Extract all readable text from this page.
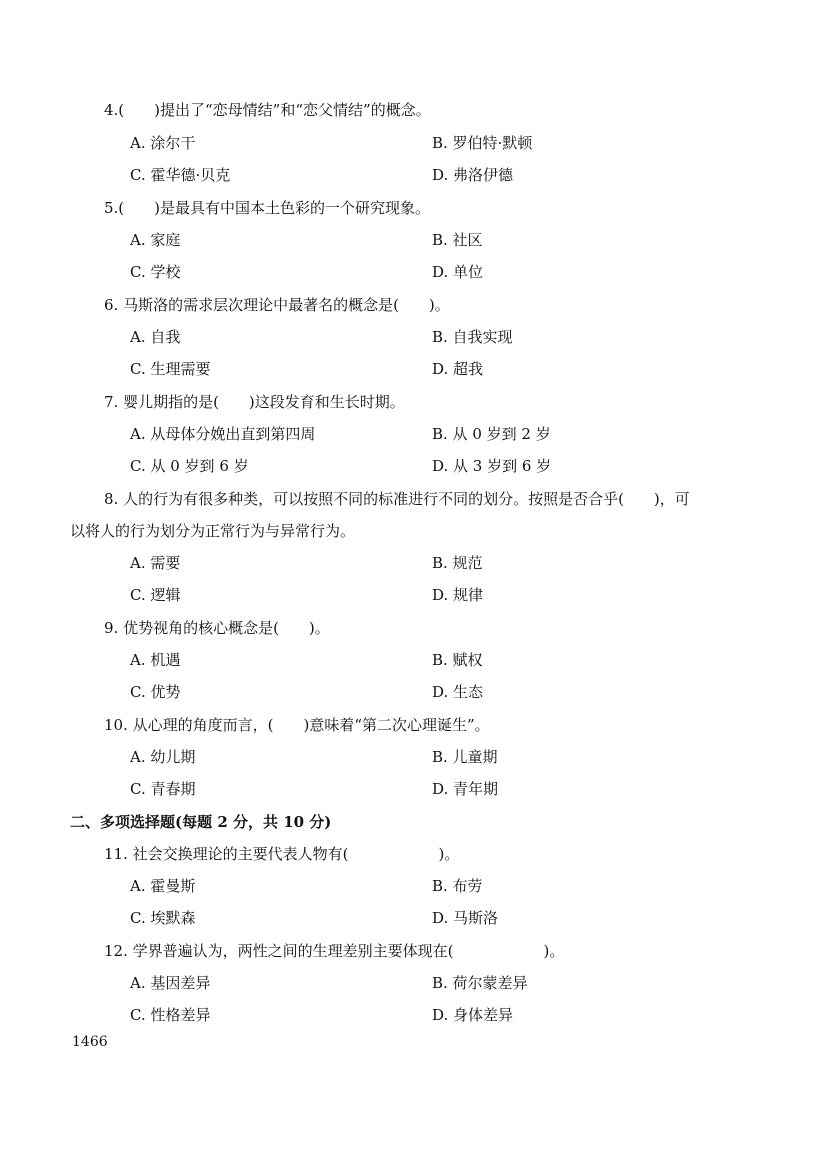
4.(　　)提出了“恋母情结”和“恋父情结”的概念。
A. 涂尔干	B. 罗伯特·默顿
C. 霍华德·贝克	D. 弗洛伊德
5.(　　)是最具有中国本土色彩的一个研究现象。
A. 家庭	B. 社区
C. 学校	D. 单位
6. 马斯洛的需求层次理论中最著名的概念是(　　)。
A. 自我	B. 自我实现
C. 生理需要	D. 超我
7. 婴儿期指的是(　　)这段发育和生长时期。
A. 从母体分娩出直到第四周	B. 从 0 岁到 2 岁
C. 从 0 岁到 6 岁	D. 从 3 岁到 6 岁
8. 人的行为有很多种类，可以按照不同的标准进行不同的划分。按照是否合乎(　　)，可
以将人的行为划分为正常行为与异常行为。
A. 需要	B. 规范
C. 逻辑	D. 规律
9. 优势视角的核心概念是(　　)。
A. 机遇	B. 赋权
C. 优势	D. 生态
10. 从心理的角度而言，(　　)意味着“第二次心理诞生”。
A. 幼儿期	B. 儿童期
C. 青春期	D. 青年期
二、多项选择题(每题 2 分，共 10 分)
11. 社会交换理论的主要代表人物有(　　　　　　)。
A. 霍曼斯	B. 布劳
C. 埃默森	D. 马斯洛
12. 学界普遍认为，两性之间的生理差别主要体现在(　　　　　　)。
A. 基因差异	B. 荷尔蒙差异
C. 性格差异	D. 身体差异
1466
